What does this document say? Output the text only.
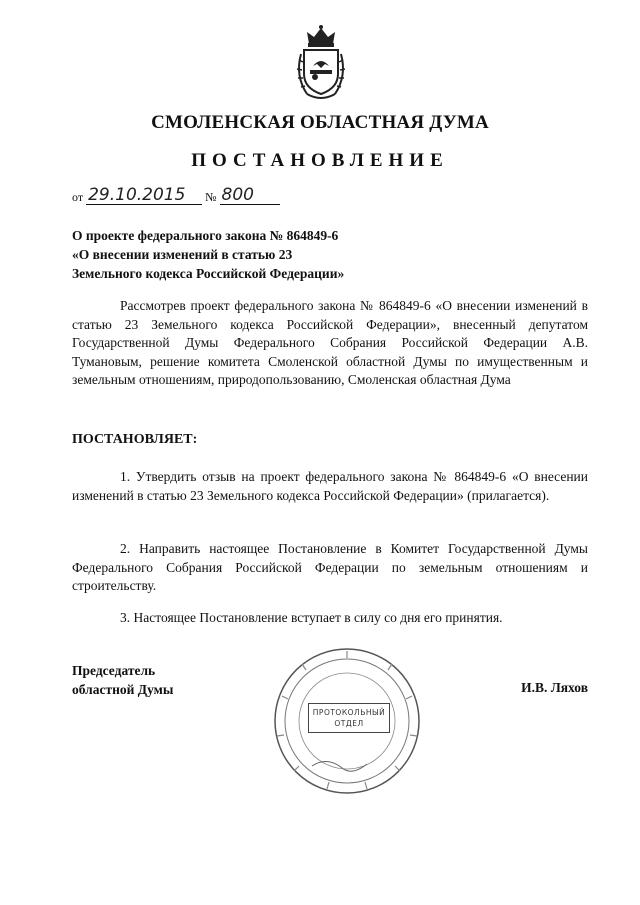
СМОЛЕНСКАЯ ОБЛАСТНАЯ ДУМА
ПОСТАНОВЛЕНИЕ
от 29.10.2015 № 800
О проекте федерального закона № 864849-6
«О внесении изменений в статью 23
Земельного кодекса Российской Федерации»
Рассмотрев проект федерального закона № 864849-6 «О внесении изменений в статью 23 Земельного кодекса Российской Федерации», внесенный депутатом Государственной Думы Федерального Собрания Российской Федерации А.В. Тумановым, решение комитета Смоленской областной Думы по имущественным и земельным отношениям, природопользованию, Смоленская областная Дума
ПОСТАНОВЛЯЕТ:
1. Утвердить отзыв на проект федерального закона № 864849-6 «О внесении изменений в статью 23 Земельного кодекса Российской Федерации» (прилагается).
2. Направить настоящее Постановление в Комитет Государственной Думы Федерального Собрания Российской Федерации по земельным отношениям и строительству.
3. Настоящее Постановление вступает в силу со дня его принятия.
Председатель
областной Думы
ПРОТОКОЛЬНЫЙ
ОТДЕЛ
И.В. Ляхов
